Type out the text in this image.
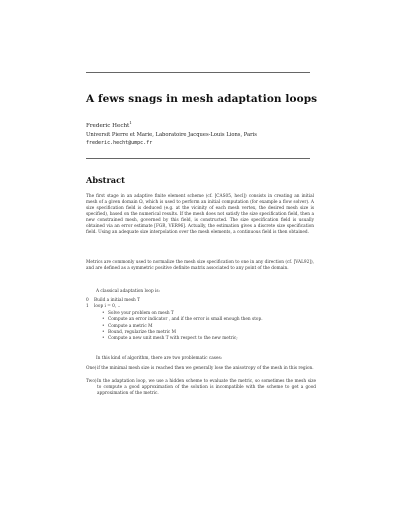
A fews snags in mesh adaptation loops
Frederic Hecht$^1$
Universit Pierre et Marie, Laboratoire Jacques-Louis Lions, Paris
frederic.hecht@umpc.fr
Abstract
The first stage in an adaptive finite element scheme (cf. [CAS05, hecl]) consists in creating an initial mesh of a given domain Ω, which is used to perform an initial computation (for example a flow solver). A size specification field is deduced (e.g. at the vicinity of each mesh vertex, the desired mesh size is specified), based on the numerical results. If the mesh does not satisfy the size specification field, then a new constrained mesh, governed by this field, is constructed. The size specification field is usually obtained via an error estimate [FGR, VER96]. Actually, the estimation gives a discrete size specification field. Using an adequate size interpolation over the mesh elements, a continuous field is then obtained.
Metrics are commonly used to normalize the mesh size specification to one in any direction (cf. [VAL92]), and are defined as a symmetric positive definite matrix associated to any point of the domain.
A classical adaptation loop is:
0 Build a initial mesh T
1 loop i = 0, ..
• Solve your problem on mesh T
• Compute an error indicator , and if the error is small enough then stop.
• Compute a metric M
• Bound, regularize the metric M
• Compute a new unit mesh T with respect to the new metric;
In this kind of algorithm, there are two problematic cases:
One) if the minimal mesh size is reached then we generally lose the anisotropy of the mesh in this region.
Two) In the adaptation loop, we use a hidden scheme to evaluate the metric, so sometimes the mesh size to compute a good approximation of the solution is incompatible with the scheme to get a good approximation of the metric.
